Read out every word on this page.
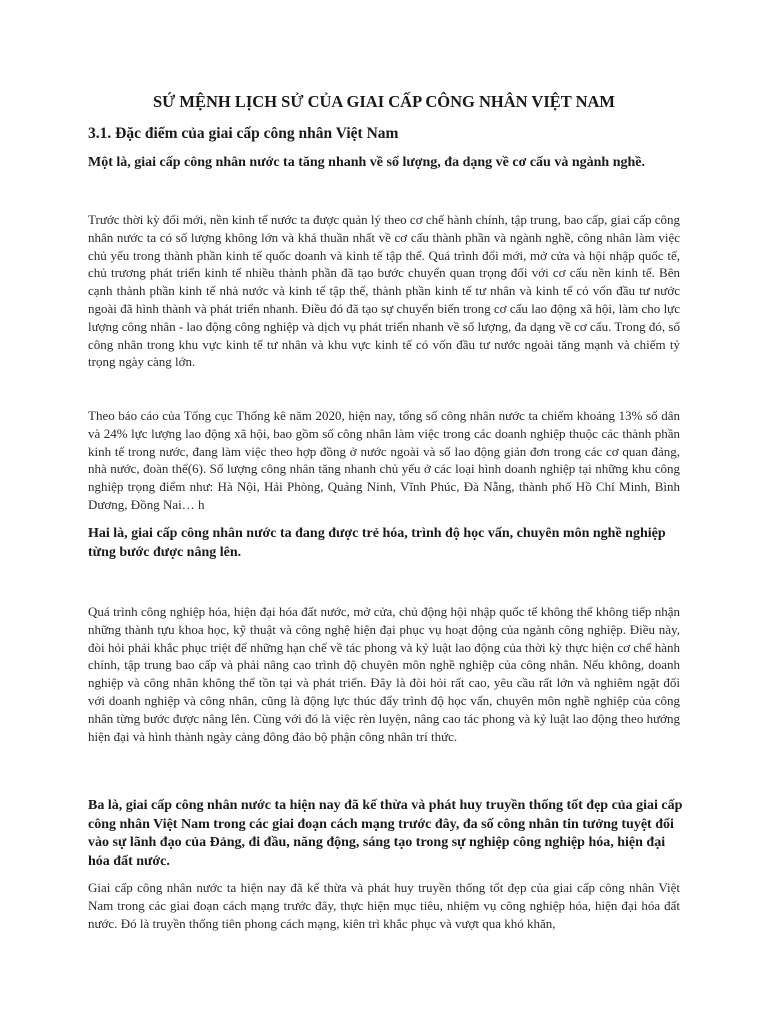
SỨ MỆNH LỊCH SỬ CỦA GIAI CẤP CÔNG NHÂN VIỆT NAM
3.1. Đặc điểm của giai cấp công nhân Việt Nam

Một là, giai cấp công nhân nước ta tăng nhanh về số lượng, đa dạng về cơ cấu và ngành nghề.

Trước thời kỳ đổi mới, nền kinh tế nước ta được quản lý theo cơ chế hành chính, tập trung, bao cấp, giai cấp công nhân nước ta có số lượng không lớn và khá thuần nhất về cơ cấu thành phần và ngành nghề, công nhân làm việc chủ yếu trong thành phần kinh tế quốc doanh và kinh tế tập thể. Quá trình đổi mới, mở cửa và hội nhập quốc tế, chủ trương phát triển kinh tế nhiều thành phần đã tạo bước chuyển quan trọng đối với cơ cấu nền kinh tế. Bên cạnh thành phần kinh tế nhà nước và kinh tế tập thể, thành phần kinh tế tư nhân và kinh tế có vốn đầu tư nước ngoài đã hình thành và phát triển nhanh. Điều đó đã tạo sự chuyển biến trong cơ cấu lao động xã hội, làm cho lực lượng công nhân - lao động công nghiệp và dịch vụ phát triển nhanh về số lượng, đa dạng về cơ cấu. Trong đó, số công nhân trong khu vực kinh tế tư nhân và khu vực kinh tế có vốn đầu tư nước ngoài tăng mạnh và chiếm tỷ trọng ngày càng lớn.

Theo báo cáo của Tổng cục Thống kê năm 2020, hiện nay, tổng số công nhân nước ta chiếm khoảng 13% số dân và 24% lực lượng lao động xã hội, bao gồm số công nhân làm việc trong các doanh nghiệp thuộc các thành phần kinh tế trong nước, đang làm việc theo hợp đồng ở nước ngoài và số lao động giản đơn trong các cơ quan đảng, nhà nước, đoàn thể(6). Số lượng công nhân tăng nhanh chủ yếu ở các loại hình doanh nghiệp tại những khu công nghiệp trọng điểm như: Hà Nội, Hải Phòng, Quảng Ninh, Vĩnh Phúc, Đà Nẵng, thành phố Hồ Chí Minh, Bình Dương, Đồng Nai… h

Hai là, giai cấp công nhân nước ta đang được trẻ hóa, trình độ học vấn, chuyên môn nghề nghiệp từng bước được nâng lên.

Quá trình công nghiệp hóa, hiện đại hóa đất nước, mở cửa, chủ động hội nhập quốc tế không thể không tiếp nhận những thành tựu khoa học, kỹ thuật và công nghệ hiện đại phục vụ hoạt động của ngành công nghiệp. Điều này, đòi hỏi phải khắc phục triệt để những hạn chế về tác phong và kỷ luật lao động của thời kỳ thực hiện cơ chế hành chính, tập trung bao cấp và phải nâng cao trình độ chuyên môn nghề nghiệp của công nhân. Nếu không, doanh nghiệp và công nhân không thể tồn tại và phát triển. Đây là đòi hỏi rất cao, yêu cầu rất lớn và nghiêm ngặt đối với doanh nghiệp và công nhân, cũng là động lực thúc đẩy trình độ học vấn, chuyên môn nghề nghiệp của công nhân từng bước được nâng lên. Cùng với đó là việc rèn luyện, nâng cao tác phong và kỷ luật lao động theo hướng hiện đại và hình thành ngày càng đông đảo bộ phận công nhân trí thức.

Ba là, giai cấp công nhân nước ta hiện nay đã kế thừa và phát huy truyền thống tốt đẹp của giai cấp công nhân Việt Nam trong các giai đoạn cách mạng trước đây, đa số công nhân tin tưởng tuyệt đối vào sự lãnh đạo của Đảng, đi đầu, năng động, sáng tạo trong sự nghiệp công nghiệp hóa, hiện đại hóa đất nước.

Giai cấp công nhân nước ta hiện nay đã kế thừa và phát huy truyền thống tốt đẹp của giai cấp công nhân Việt Nam trong các giai đoạn cách mạng trước đây, thực hiện mục tiêu, nhiệm vụ công nghiệp hóa, hiện đại hóa đất nước. Đó là truyền thống tiên phong cách mạng, kiên trì khắc phục và vượt qua khó khăn,
